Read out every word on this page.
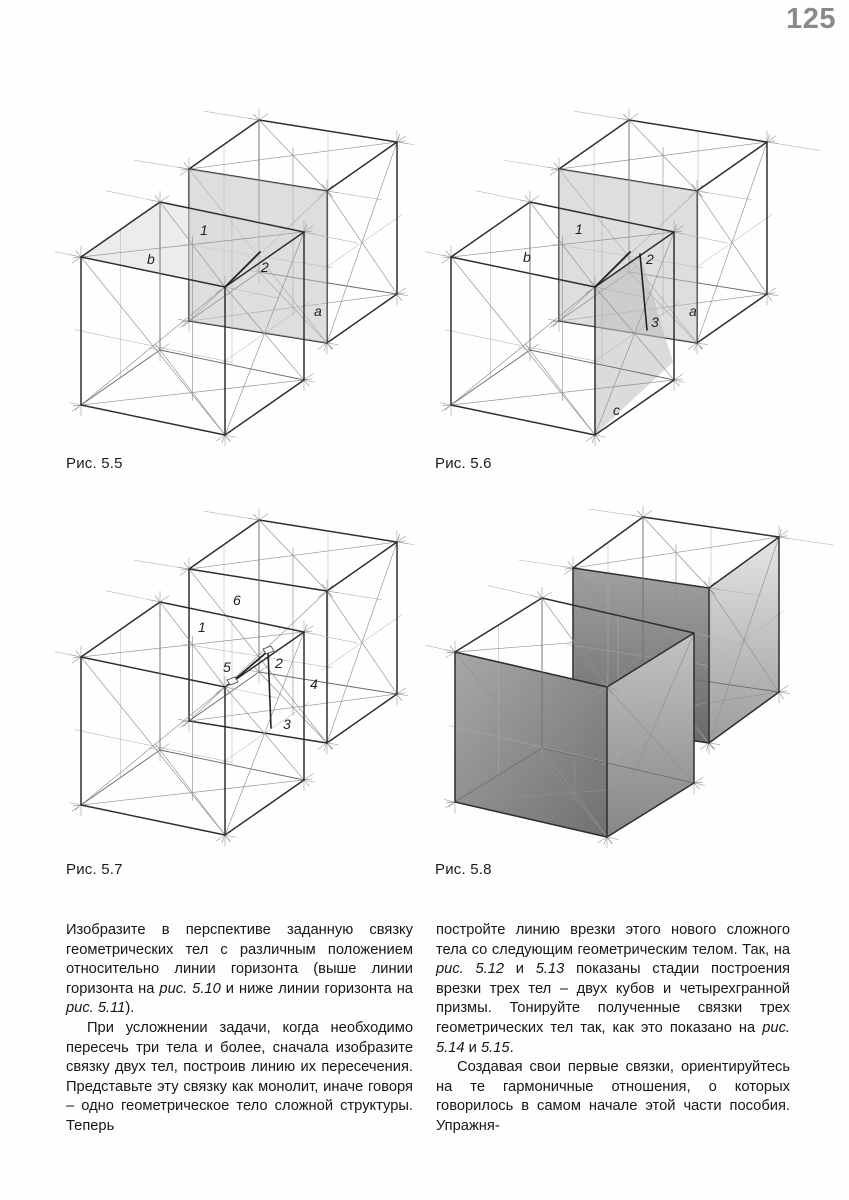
125
1
2
b
a
Рис. 5.5
1
2
3
b
a
c
Рис. 5.6
6
1
5	2
4
3
Рис. 5.7	Рис. 5.8

Изобразите в перспективе заданную связку геометрических тел с различным положением относительно линии горизонта (выше линии горизонта на рис. 5.10 и ниже линии горизонта на рис. 5.11).

При усложнении задачи, когда необходимо пересечь три тела и более, сначала изобразите связку двух тел, построив линию их пересечения. Представьте эту связку как монолит, иначе говоря – одно геометрическое тело сложной структуры. Теперь

постройте линию врезки этого нового сложного тела со следующим геометрическим телом. Так, на рис. 5.12 и 5.13 показаны стадии построения врезки трех тел – двух кубов и четырехгранной призмы. Тонируйте полученные связки трех геометрических тел так, как это показано на рис. 5.14 и 5.15.

Создавая свои первые связки, ориентируйтесь на те гармоничные отношения, о которых говорилось в самом начале этой части пособия. Упражня-
